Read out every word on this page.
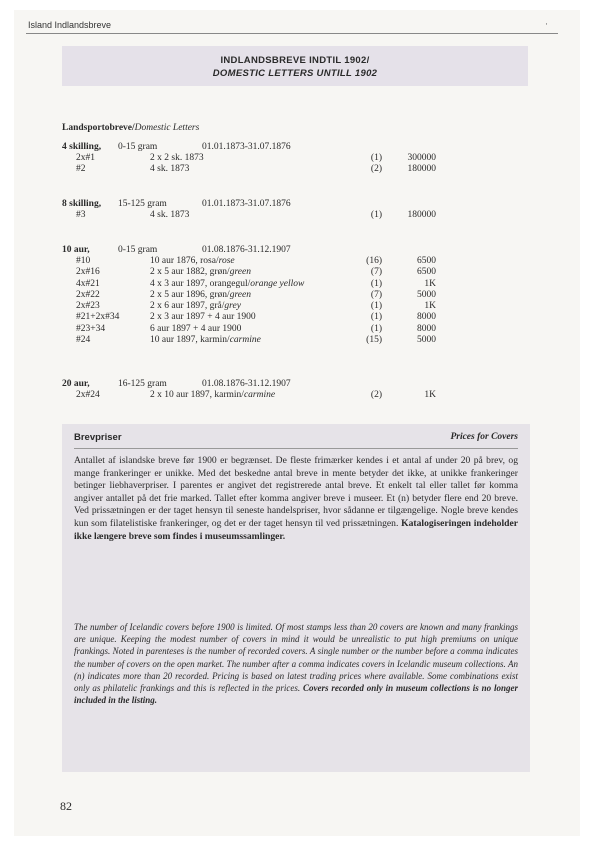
Island Indlandsbreve	·
INDLANDSBREVE INDTIL 1902/
DOMESTIC LETTERS UNTILL 1902
Landsportobreve/Domestic Letters
4 skilling, 0-15 gram	01.01.1873-31.07.1876
2x#1	2 x 2 sk. 1873	(1)	300000
#2	4 sk. 1873	(2)	180000
8 skilling, 15-125 gram	01.01.1873-31.07.1876
#3	4 sk. 1873	(1)	180000
10 aur,	0-15 gram	01.08.1876-31.12.1907
#10	10 aur 1876, rosa/rose	(16)	6500
2x#16	2 x 5 aur 1882, grøn/green	(7)	6500
4x#21	4 x 3 aur 1897, orangegul/orange yellow	(1)	1K
2x#22	2 x 5 aur 1896, grøn/green	(7)	5000
2x#23	2 x 6 aur 1897, grå/grey	(1)	1K
#21+2x#34	2 x 3 aur 1897 + 4 aur 1900	(1)	8000
#23+34	6 aur 1897 + 4 aur 1900	(1)	8000
#24	10 aur 1897, karmin/carmine	(15)	5000
20 aur,	16-125 gram	01.08.1876-31.12.1907
2x#24	2 x 10 aur 1897, karmin/carmine	(2)	1K
Brevpriser	Prices for Covers
Antallet af islandske breve før 1900 er begrænset. De fleste frimærker kendes i et antal af under 20 på brev, og mange frankeringer er unikke. Med det beskedne antal breve in mente betyder det ikke, at unikke frankeringer betinger liebhaverpriser. I parentes er angivet det registrerede antal breve. Et enkelt tal eller tallet før komma angiver antallet på det frie marked. Tallet efter komma angiver breve i museer. Et (n) betyder flere end 20 breve. Ved prissætningen er der taget hensyn til seneste handelspriser, hvor sådanne er tilgængelige. Nogle breve kendes kun som filatelistiske frankeringer, og det er der taget hensyn til ved prissætningen. Katalogiseringen indeholder ikke længere breve som findes i museumssamlinger.
The number of Icelandic covers before 1900 is limited. Of most stamps less than 20 covers are known and many frankings are unique. Keeping the modest number of covers in mind it would be unrealistic to put high premiums on unique frankings. Noted in parenteses is the number of recorded covers. A single number or the number before a comma indicates the number of covers on the open market. The number after a comma indicates covers in Icelandic museum collections. An (n) indicates more than 20 recorded. Pricing is based on latest trading prices where available. Some combinations exist only as philatelic frankings and this is reflected in the prices. Covers recorded only in museum collections is no longer included in the listing.
82
